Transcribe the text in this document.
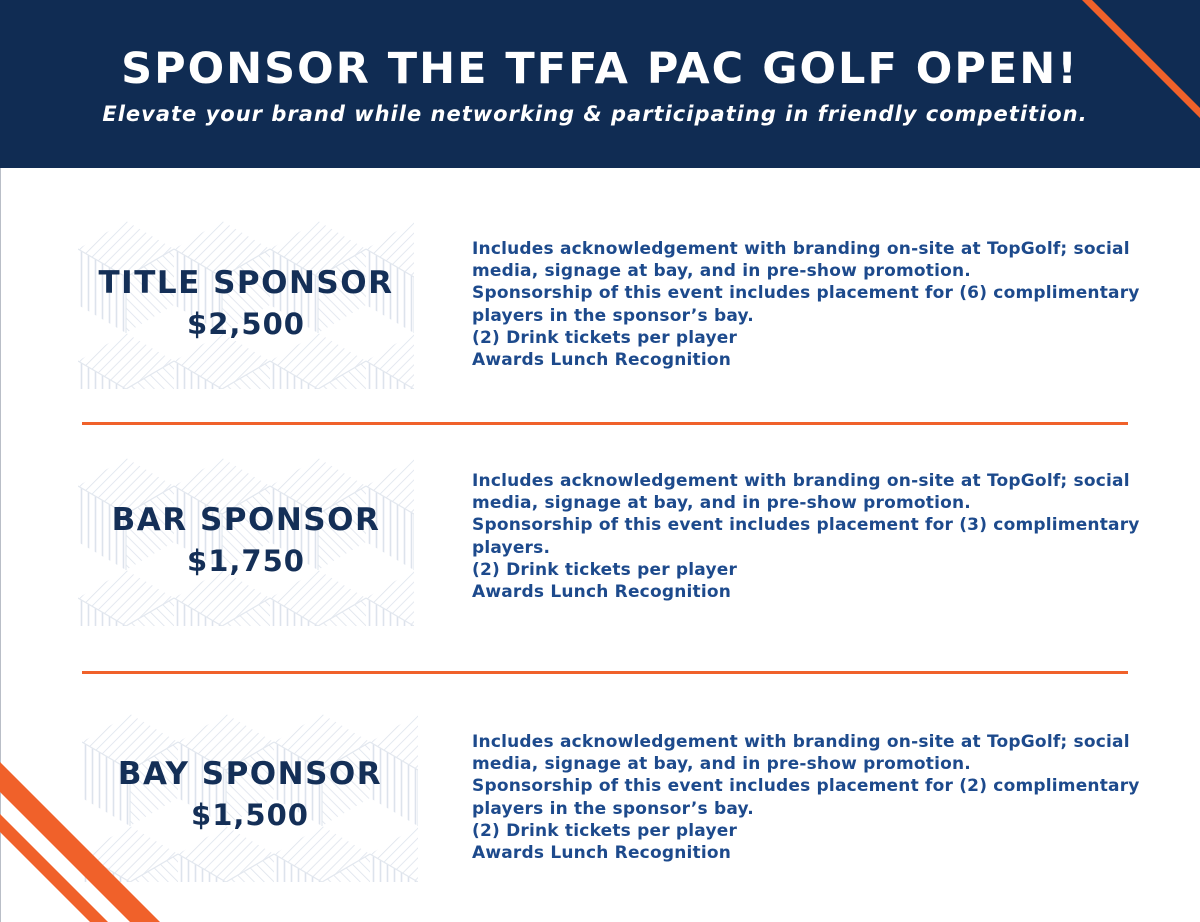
SPONSOR THE TFFA PAC GOLF OPEN!
Elevate your brand while networking & participating in friendly competition.
TITLE SPONSOR
$2,500
Includes acknowledgement with branding on-site at TopGolf; social
media, signage at bay, and in pre-show promotion.
Sponsorship of this event includes placement for (6) complimentary
players in the sponsor’s bay.
(2) Drink tickets per player
Awards Lunch Recognition
BAR SPONSOR
$1,750
Includes acknowledgement with branding on-site at TopGolf; social
media, signage at bay, and in pre-show promotion.
Sponsorship of this event includes placement for (3) complimentary
players.
(2) Drink tickets per player
Awards Lunch Recognition
BAY SPONSOR
$1,500
Includes acknowledgement with branding on-site at TopGolf; social
media, signage at bay, and in pre-show promotion.
Sponsorship of this event includes placement for (2) complimentary
players in the sponsor’s bay.
(2) Drink tickets per player
Awards Lunch Recognition
